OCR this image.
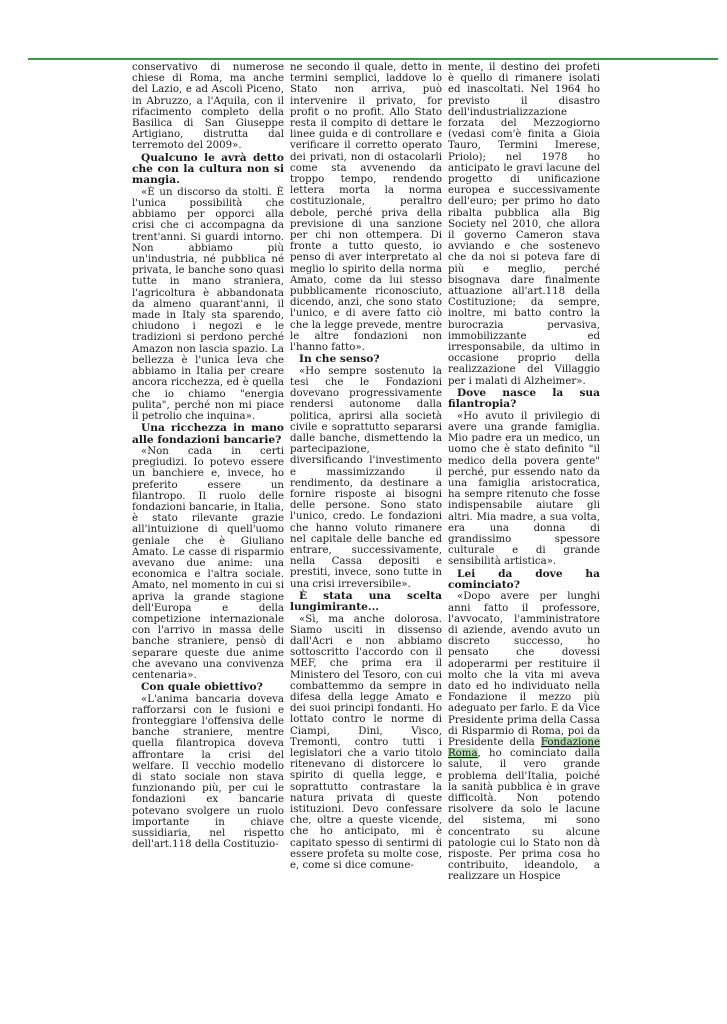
conservativo di numerose chiese di Roma, ma anche del Lazio, e ad Ascoli Piceno, in Abruzzo, a l'Aquila, con il rifacimento completo della Basilica di San Giuseppe Artigiano, distrutta dal terremoto del 2009».

Qualcuno le avrà detto che con la cultura non si mangia.

«È un discorso da stolti. È l'unica possibilità che abbiamo per opporci alla crisi che ci accompagna da trent'anni. Si guardi intorno. Non abbiamo più un'industria, né pubblica né privata, le banche sono quasi tutte in mano straniera, l'agricoltura è abbandonata da almeno quarant'anni, il made in Italy sta sparendo, chiudono i negozi e le tradizioni si perdono perché Amazon non lascia spazio. La bellezza è l'unica leva che abbiamo in Italia per creare ancora ricchezza, ed è quella che io chiamo "energia pulita", perché non mi piace il petrolio che inquina».

Una ricchezza in mano alle fondazioni bancarie?

«Non cada in certi pregiudizi. Io potevo essere un banchiere e, invece, ho preferito essere un filantropo. Il ruolo delle fondazioni bancarie, in Italia, è stato rilevante grazie all'intuizione di quell'uomo geniale che è Giuliano Amato. Le casse di risparmio avevano due anime: una economica e l'altra sociale. Amato, nel momento in cui si apriva la grande stagione dell'Europa e della competizione internazionale con l'arrivo in massa delle banche straniere, pensò di separare queste due anime che avevano una convivenza centenaria».

Con quale obiettivo?

«L'anima bancaria doveva rafforzarsi con le fusioni e fronteggiare l'offensiva delle banche straniere, mentre quella filantropica doveva affrontare la crisi del welfare. Il vecchio modello di stato sociale non stava funzionando più, per cui le fondazioni ex bancarie potevano svolgere un ruolo importante in chiave sussidiaria, nel rispetto dell'art.118 della Costituzio-

ne secondo il quale, detto in termini semplici, laddove lo Stato non arriva, può intervenire il privato, for profit o no profit. Allo Stato resta il compito di dettare le linee guida e di controllare e verificare il corretto operato dei privati, non di ostacolarli come sta avvenendo da troppo tempo, rendendo lettera morta la norma costituzionale, peraltro debole, perché priva della previsione di una sanzione per chi non ottempera. Di fronte a tutto questo, io penso di aver interpretato al meglio lo spirito della norma Amato, come da lui stesso pubblicamente riconosciuto, dicendo, anzi, che sono stato l'unico, e di avere fatto ciò che la legge prevede, mentre le altre fondazioni non l'hanno fatto».

In che senso?

«Ho sempre sostenuto la tesi che le Fondazioni dovevano progressivamente rendersi autonome dalla politica, aprirsi alla società civile e soprattutto separarsi dalle banche, dismettendo la partecipazione, diversificando l'investimento e massimizzando il rendimento, da destinare a fornire risposte ai bisogni delle persone. Sono stato l'unico, credo. Le fondazioni che hanno voluto rimanere nel capitale delle banche ed entrare, successivamente, nella Cassa depositi e prestiti, invece, sono tutte in una crisi irreversibile».

È stata una scelta lungimirante...

«Sì, ma anche dolorosa. Siamo usciti in dissenso dall'Acri e non abbiamo sottoscritto l'accordo con il MEF, che prima era il Ministero del Tesoro, con cui combattemmo da sempre in difesa della legge Amato e dei suoi principi fondanti. Ho lottato contro le norme di Ciampi, Dini, Visco, Tremonti, contro tutti i legislatori che a vario titolo ritenevano di distorcere lo spirito di quella legge, e soprattutto contrastare la natura privata di queste istituzioni. Devo confessare che, oltre a queste vicende, che ho anticipato, mi è capitato spesso di sentirmi di essere profeta su molte cose, e, come si dice comune-

mente, il destino dei profeti è quello di rimanere isolati ed inascoltati. Nel 1964 ho previsto il disastro dell'industrializzazione forzata del Mezzogiorno (vedasi com'è finita a Gioia Tauro, Termini Imerese, Priolo); nel 1978 ho anticipato le gravi lacune del progetto di unificazione europea e successivamente dell'euro; per primo ho dato ribalta pubblica alla Big Society nel 2010, che allora il governo Cameron stava avviando e che sostenevo che da noi si poteva fare di più e meglio, perché bisognava dare finalmente attuazione all'art.118 della Costituzione; da sempre, inoltre, mi batto contro la burocrazia pervasiva, immobilizzante ed irresponsabile, da ultimo in occasione proprio della realizzazione del Villaggio per i malati di Alzheimer».

Dove nasce la sua filantropia?

«Ho avuto il privilegio di avere una grande famiglia. Mio padre era un medico, un uomo che è stato definito "il medico della povera gente" perché, pur essendo nato da una famiglia aristocratica, ha sempre ritenuto che fosse indispensabile aiutare gli altri. Mia madre, a sua volta, era una donna di grandissimo spessore culturale e di grande sensibilità artistica».

Lei da dove ha cominciato?

«Dopo avere per lunghi anni fatto il professore, l'avvocato, l'amministratore di aziende, avendo avuto un discreto successo, ho pensato che dovessi adoperarmi per restituire il molto che la vita mi aveva dato ed ho individuato nella Fondazione il mezzo più adeguato per farlo. E da Vice Presidente prima della Cassa di Risparmio di Roma, poi da Presidente della Fondazione Roma, ho cominciato dalla salute, il vero grande problema dell'Italia, poiché la sanità pubblica è in grave difficoltà. Non potendo risolvere da solo le lacune del sistema, mi sono concentrato su alcune patologie cui lo Stato non dà risposte. Per prima cosa ho contribuito, ideandolo, a realizzare un Hospice
